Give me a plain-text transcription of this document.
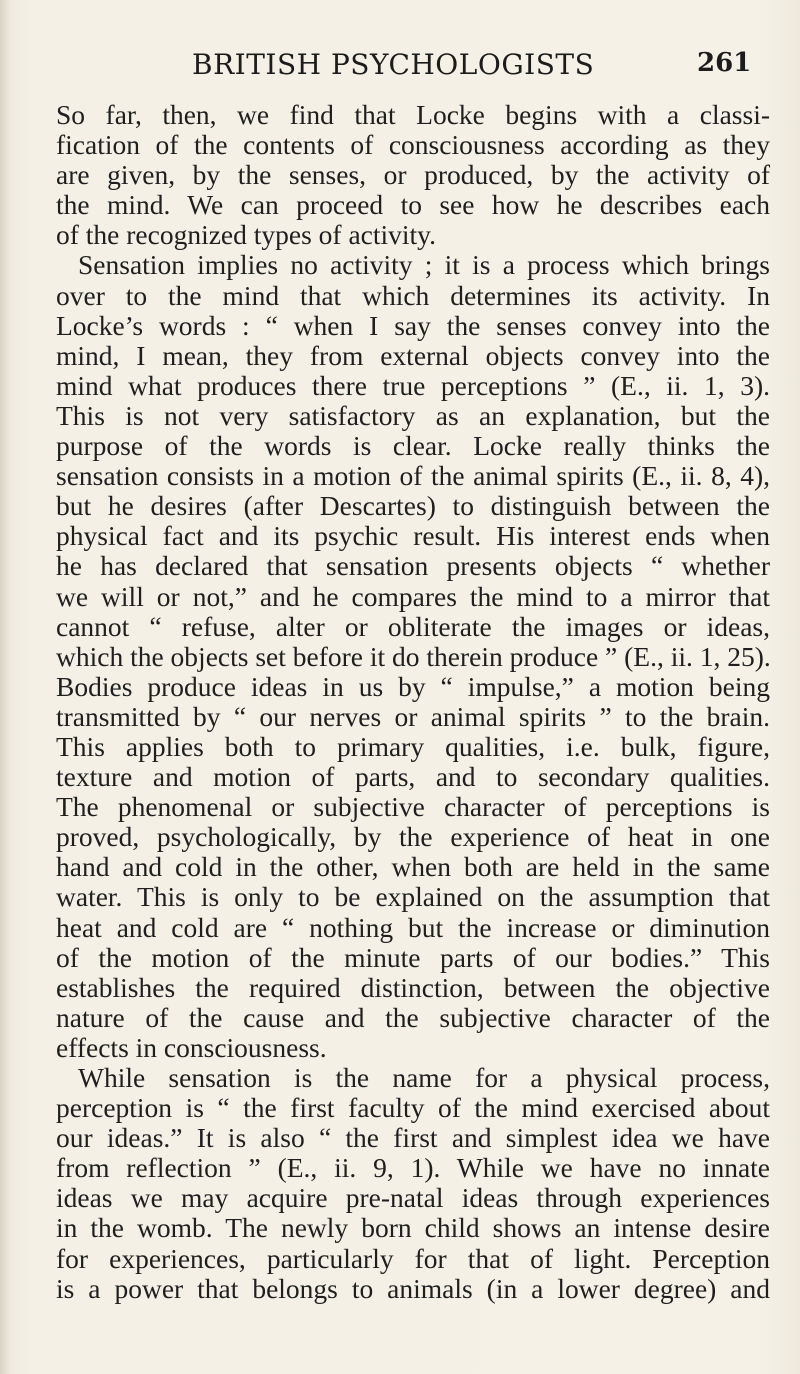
BRITISH PSYCHOLOGISTS	261
So far, then, we find that Locke begins with a classi-
fication of the contents of consciousness according as they
are given, by the senses, or produced, by the activity of
the mind. We can proceed to see how he describes each
of the recognized types of activity.
Sensation implies no activity ; it is a process which brings
over to the mind that which determines its activity. In
Locke’s words : “ when I say the senses convey into the
mind, I mean, they from external objects convey into the
mind what produces there true perceptions ” (E., ii. 1, 3).
This is not very satisfactory as an explanation, but the
purpose of the words is clear. Locke really thinks the
sensation consists in a motion of the animal spirits (E., ii. 8, 4),
but he desires (after Descartes) to distinguish between the
physical fact and its psychic result. His interest ends when
he has declared that sensation presents objects “ whether
we will or not,” and he compares the mind to a mirror that
cannot “ refuse, alter or obliterate the images or ideas,
which the objects set before it do therein produce ” (E., ii. 1, 25).
Bodies produce ideas in us by “ impulse,” a motion being
transmitted by “ our nerves or animal spirits ” to the brain.
This applies both to primary qualities, i.e. bulk, figure,
texture and motion of parts, and to secondary qualities.
The phenomenal or subjective character of perceptions is
proved, psychologically, by the experience of heat in one
hand and cold in the other, when both are held in the same
water. This is only to be explained on the assumption that
heat and cold are “ nothing but the increase or diminution
of the motion of the minute parts of our bodies.” This
establishes the required distinction, between the objective
nature of the cause and the subjective character of the
effects in consciousness.
While sensation is the name for a physical process,
perception is “ the first faculty of the mind exercised about
our ideas.” It is also “ the first and simplest idea we have
from reflection ” (E., ii. 9, 1). While we have no innate
ideas we may acquire pre-natal ideas through experiences
in the womb. The newly born child shows an intense desire
for experiences, particularly for that of light. Perception
is a power that belongs to animals (in a lower degree) and
